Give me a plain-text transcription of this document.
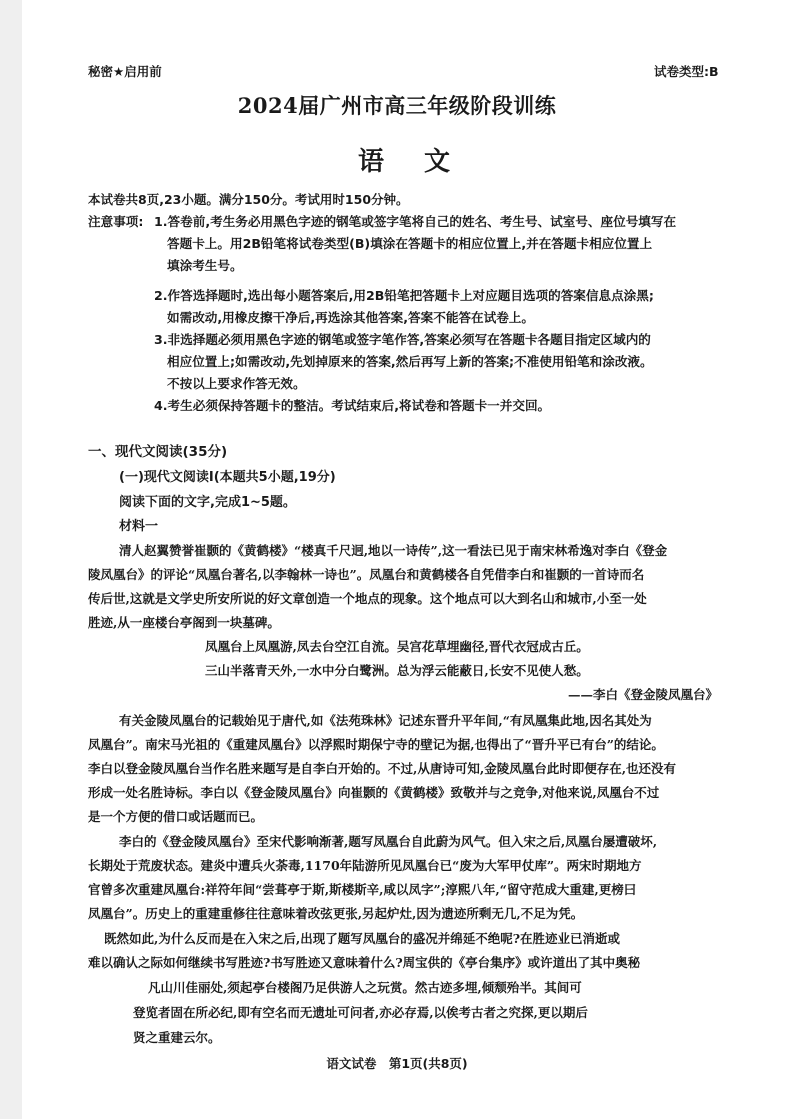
秘密★启用前	试卷类型:B

2024届广州市高三年级阶段训练

语文

本试卷共8页,23小题。满分150分。考试用时150分钟。

注意事项: 1.答卷前,考生务必用黑色字迹的钢笔或签字笔将自己的姓名、考生号、试室号、座位号填写在
答题卡上。用2B铅笔将试卷类型(B)填涂在答题卡的相应位置上,并在答题卡相应位置上
填涂考生号。
2.作答选择题时,选出每小题答案后,用2B铅笔把答题卡上对应题目选项的答案信息点涂黑;
如需改动,用橡皮擦干净后,再选涂其他答案,答案不能答在试卷上。
3.非选择题必须用黑色字迹的钢笔或签字笔作答,答案必须写在答题卡各题目指定区域内的
相应位置上;如需改动,先划掉原来的答案,然后再写上新的答案;不准使用铅笔和涂改液。
不按以上要求作答无效。
4.考生必须保持答题卡的整洁。考试结束后,将试卷和答题卡一并交回。

一、现代文阅读(35分)

(一)现代文阅读Ⅰ(本题共5小题,19分)

阅读下面的文字,完成1~5题。

材料一

清人赵翼赞誉崔颢的《黄鹤楼》“楼真千尺迥,地以一诗传”,这一看法已见于南宋林希逸对李白《登金

陵凤凰台》的评论“凤凰台著名,以李翰林一诗也”。凤凰台和黄鹤楼各自凭借李白和崔颢的一首诗而名

传后世,这就是文学史所安所说的好文章创造一个地点的现象。这个地点可以大到名山和城市,小至一处

胜迹,从一座楼台亭阁到一块墓碑。

凤凰台上凤凰游,凤去台空江自流。吴宫花草埋幽径,晋代衣冠成古丘。

三山半落青天外,一水中分白鹭洲。总为浮云能蔽日,长安不见使人愁。

——李白《登金陵凤凰台》

有关金陵凤凰台的记载始见于唐代,如《法苑珠林》记述东晋升平年间,“有凤凰集此地,因名其处为

凤凰台”。南宋马光祖的《重建凤凰台》以浮熙时期保宁寺的壁记为据,也得出了“晋升平已有台”的结论。

李白以登金陵凤凰台当作名胜来题写是自李白开始的。不过,从唐诗可知,金陵凤凰台此时即便存在,也还没有

形成一处名胜诗标。李白以《登金陵凤凰台》向崔颢的《黄鹤楼》致敬并与之竞争,对他来说,凤凰台不过

是一个方便的借口或话题而已。

李白的《登金陵凤凰台》至宋代影响渐著,题写凤凰台自此蔚为风气。但入宋之后,凤凰台屡遭破坏,

长期处于荒废状态。建炎中遭兵火荼毒,1170年陆游所见凤凰台已“废为大军甲仗库”。两宋时期地方

官曾多次重建凤凰台:祥符年间“尝葺亭于斯,斯楼斯辛,咸以凤字”;淳熙八年,“留守范成大重建,更榜曰

凤凰台”。历史上的重建重修往往意味着改弦更张,另起炉灶,因为遗迹所剩无几,不足为凭。

既然如此,为什么反而是在入宋之后,出现了题写凤凰台的盛况并绵延不绝呢?在胜迹业已消逝或

难以确认之际如何继续书写胜迹?书写胜迹又意味着什么?周宝供的《亭台集序》或许道出了其中奥秘

凡山川佳丽处,须起亭台楼阁乃足供游人之玩赏。然古迹多埋,倾颓殆半。其间可

登览者固在所必纪,即有空名而无遗址可问者,亦必存焉,以俟考古者之究探,更以期后

贤之重建云尔。

语文试卷　第1页(共8页)
